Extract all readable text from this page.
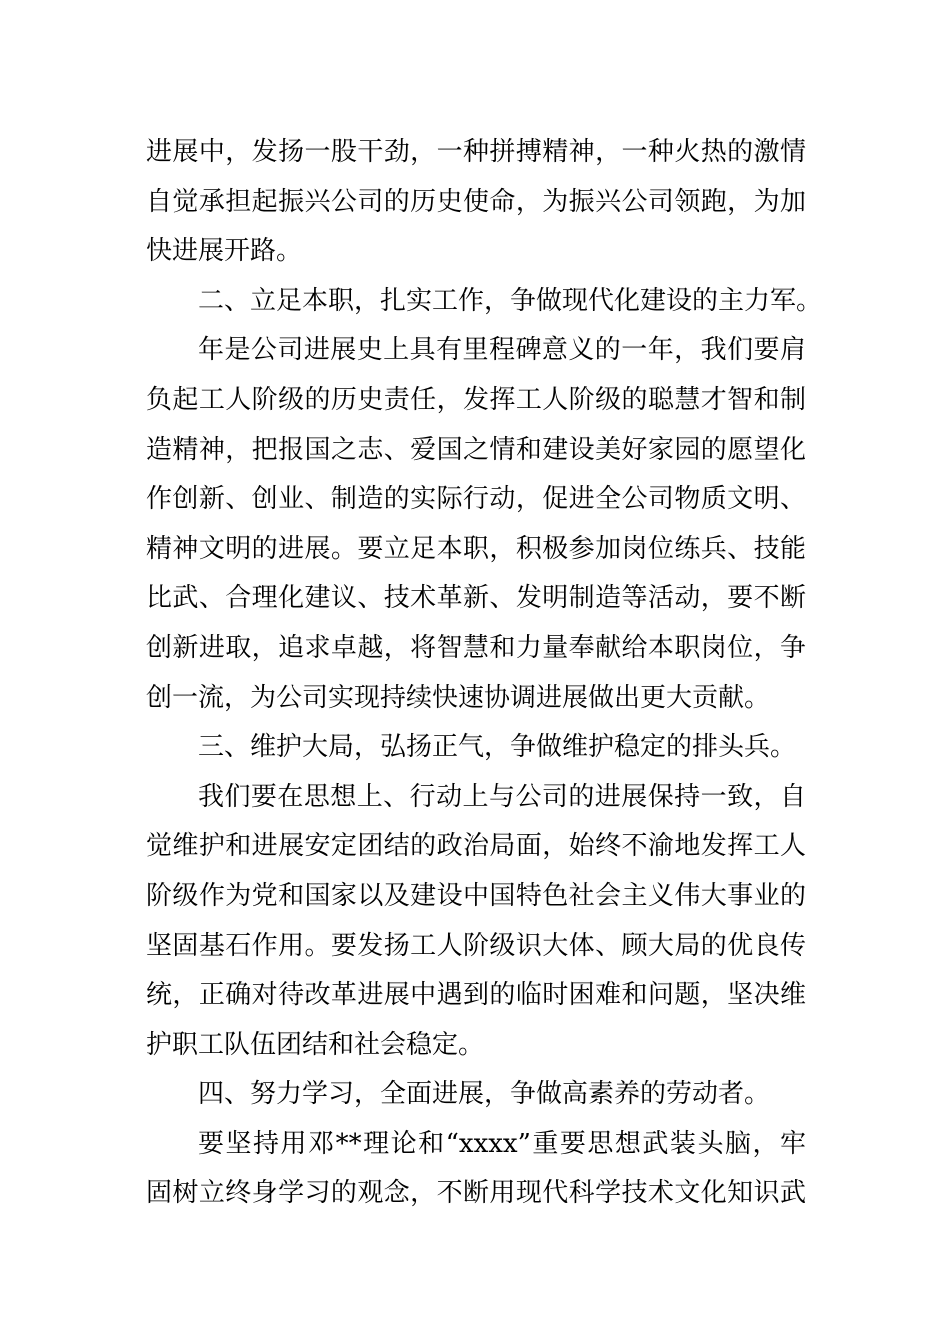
进展中，发扬一股干劲，一种拼搏精神，一种火热的激情
自觉承担起振兴公司的历史使命，为振兴公司领跑，为加
快进展开路。
二、立足本职，扎实工作，争做现代化建设的主力军。
年是公司进展史上具有里程碑意义的一年，我们要肩
负起工人阶级的历史责任，发挥工人阶级的聪慧才智和制
造精神，把报国之志、爱国之情和建设美好家园的愿望化
作创新、创业、制造的实际行动，促进全公司物质文明、
精神文明的进展。要立足本职，积极参加岗位练兵、技能
比武、合理化建议、技术革新、发明制造等活动，要不断
创新进取，追求卓越，将智慧和力量奉献给本职岗位，争
创一流，为公司实现持续快速协调进展做出更大贡献。
三、维护大局，弘扬正气，争做维护稳定的排头兵。
我们要在思想上、行动上与公司的进展保持一致，自
觉维护和进展安定团结的政治局面，始终不渝地发挥工人
阶级作为党和国家以及建设中国特色社会主义伟大事业的
坚固基石作用。要发扬工人阶级识大体、顾大局的优良传
统，正确对待改革进展中遇到的临时困难和问题，坚决维
护职工队伍团结和社会稳定。
四、努力学习，全面进展，争做高素养的劳动者。
要坚持用邓**理论和“xxxx”重要思想武装头脑，牢
固树立终身学习的观念，不断用现代科学技术文化知识武
